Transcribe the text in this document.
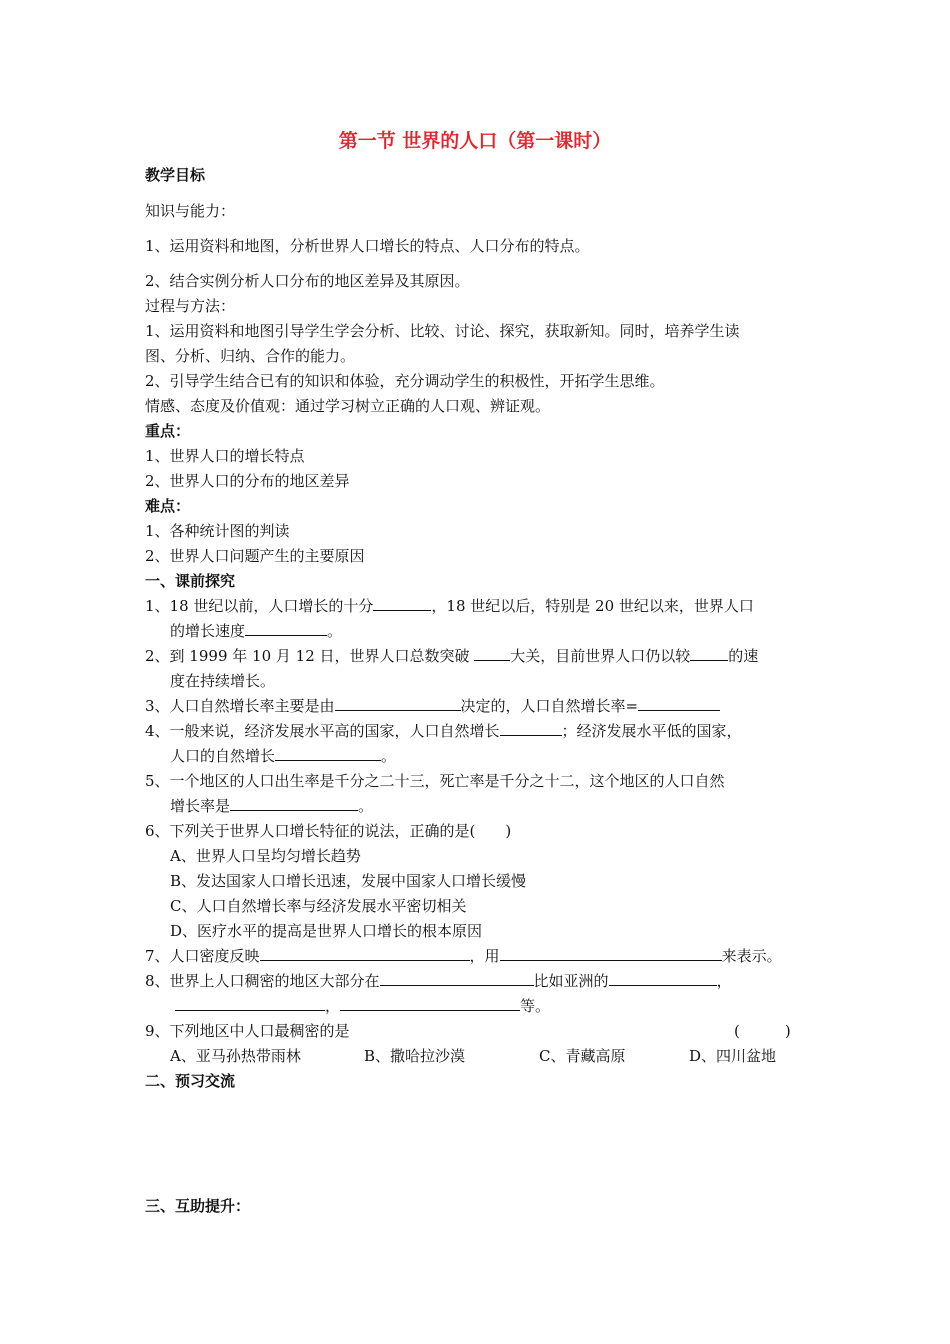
第一节 世界的人口（第一课时）
教学目标
知识与能力：
1、运用资料和地图，分析世界人口增长的特点、人口分布的特点。
2、结合实例分析人口分布的地区差异及其原因。
过程与方法：
1、运用资料和地图引导学生学会分析、比较、讨论、探究，获取新知。同时，培养学生读
图、分析、归纳、合作的能力。
2、引导学生结合已有的知识和体验，充分调动学生的积极性，开拓学生思维。
情感、态度及价值观：通过学习树立正确的人口观、辨证观。
重点：
1、世界人口的增长特点
2、世界人口的分布的地区差异
难点：
1、各种统计图的判读
2、世界人口问题产生的主要原因
一、课前探究
1、18 世纪以前，人口增长的十分	，18 世纪以后，特别是 20 世纪以来，世界人口
的增长速度	。
2、到 1999 年 10 月 12 日，世界人口总数突破 大关，目前世界人口仍以较	的速
度在持续增长。
3、人口自然增长率主要是由	决定的，人口自然增长率=
4、一般来说，经济发展水平高的国家，人口自然增长	；经济发展水平低的国家，
人口的自然增长	。
5、一个地区的人口出生率是千分之二十三，死亡率是千分之十二，这个地区的人口自然
增长率是	。
6、下列关于世界人口增长特征的说法，正确的是(　　)
A、世界人口呈均匀增长趋势
B、发达国家人口增长迅速，发展中国家人口增长缓慢
C、人口自然增长率与经济发展水平密切相关
D、医疗水平的提高是世界人口增长的根本原因
7、人口密度反映	，用	来表示。
8、世界上人口稠密的地区大部分在	比如亚洲的	，
，	等。
9、下列地区中人口最稠密的是	(　　　)
A、亚马孙热带雨林	B、撒哈拉沙漠	C、青藏高原	D、四川盆地
二、预习交流
三、互助提升：
